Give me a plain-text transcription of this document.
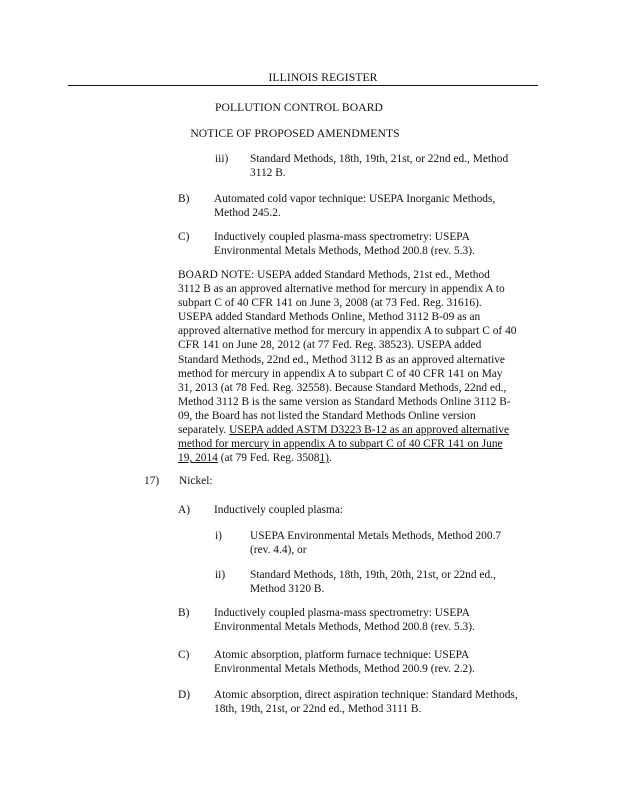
ILLINOIS REGISTER
POLLUTION CONTROL BOARD
NOTICE OF PROPOSED AMENDMENTS
iii) Standard Methods, 18th, 19th, 21st, or 22nd ed., Method
3112 B.
B) Automated cold vapor technique: USEPA Inorganic Methods,
Method 245.2.
C) Inductively coupled plasma-mass spectrometry: USEPA
Environmental Metals Methods, Method 200.8 (rev. 5.3).
BOARD NOTE: USEPA added Standard Methods, 21st ed., Method
3112 B as an approved alternative method for mercury in appendix A to
subpart C of 40 CFR 141 on June 3, 2008 (at 73 Fed. Reg. 31616).
USEPA added Standard Methods Online, Method 3112 B-09 as an
approved alternative method for mercury in appendix A to subpart C of 40
CFR 141 on June 28, 2012 (at 77 Fed. Reg. 38523). USEPA added
Standard Methods, 22nd ed., Method 3112 B as an approved alternative
method for mercury in appendix A to subpart C of 40 CFR 141 on May
31, 2013 (at 78 Fed. Reg. 32558). Because Standard Methods, 22nd ed.,
Method 3112 B is the same version as Standard Methods Online 3112 B-
09, the Board has not listed the Standard Methods Online version
separately. USEPA added ASTM D3223 B-12 as an approved alternative
method for mercury in appendix A to subpart C of 40 CFR 141 on June
19, 2014 (at 79 Fed. Reg. 35081).
17) Nickel:
A) Inductively coupled plasma:
i) USEPA Environmental Metals Methods, Method 200.7
(rev. 4.4), or
ii) Standard Methods, 18th, 19th, 20th, 21st, or 22nd ed.,
Method 3120 B.
B) Inductively coupled plasma-mass spectrometry: USEPA
Environmental Metals Methods, Method 200.8 (rev. 5.3).
C) Atomic absorption, platform furnace technique: USEPA
Environmental Metals Methods, Method 200.9 (rev. 2.2).
D) Atomic absorption, direct aspiration technique: Standard Methods,
18th, 19th, 21st, or 22nd ed., Method 3111 B.
